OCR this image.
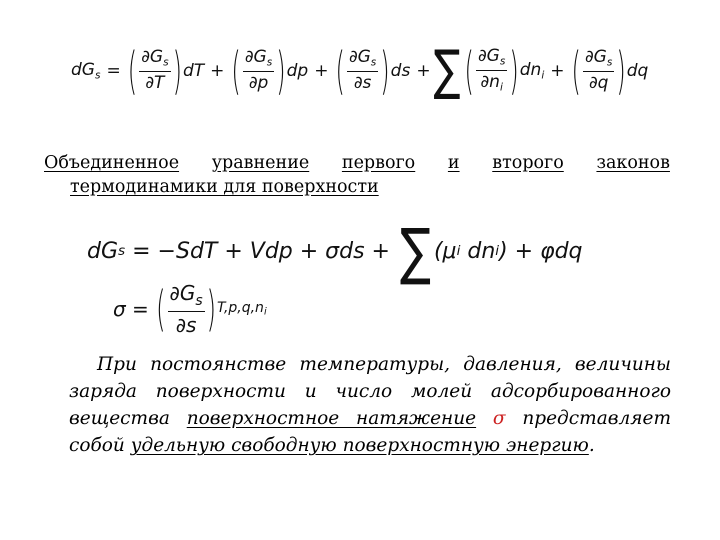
$dG_s$ = ( $\frac{\partial G_s}{\partial T}$ ) dT + ( $\frac{\partial G_s}{\partial p}$ ) dp + ( $\frac{\partial G_s}{\partial s}$ ) ds + ∑ ( $\frac{\partial G_s}{\partial n_i}$ ) $dn_i$ + ( $\frac{\partial G_s}{\partial q}$ ) dq
Объединенное уравнение первого и второго законов
термодинамики для поверхности
dG s = −SdT + Vdp + σds + ∑ (μ i dn i ) + φdq
σ = ( $\frac{\partial G_s}{\partial s}$ ) T,p,q,ni
При постоянстве температуры, давления, величины заряда поверхности и число молей адсорбированного вещества поверхностное натяжение σ представляет собой удельную свободную поверхностную энергию.
